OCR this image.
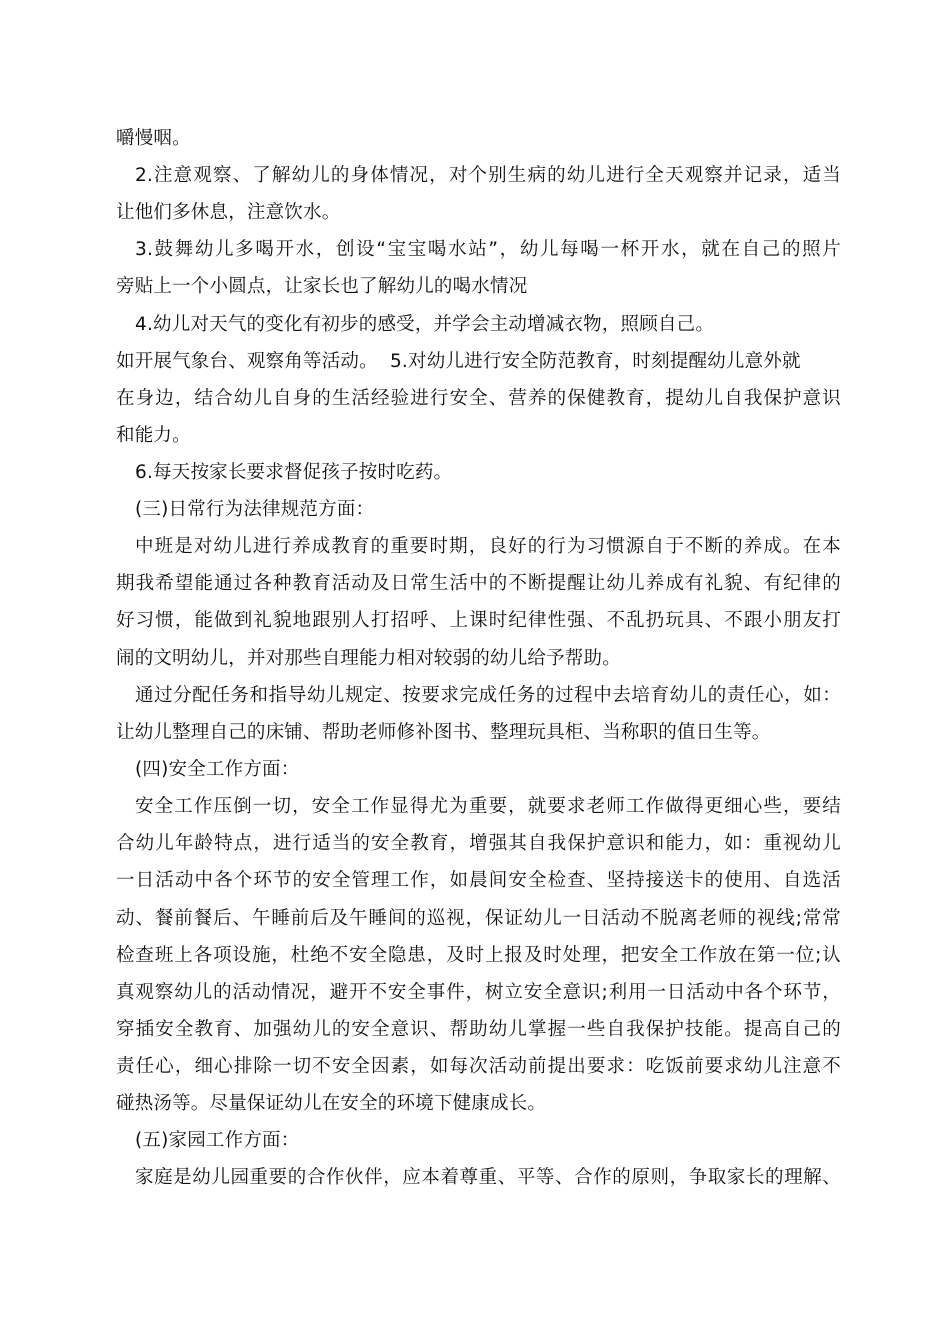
嚼慢咽。
2.注意观察、了解幼儿的身体情况，对个别生病的幼儿进行全天观察并记录，适当
让他们多休息，注意饮水。
3.鼓舞幼儿多喝开水，创设“宝宝喝水站”，幼儿每喝一杯开水，就在自己的照片
旁贴上一个小圆点，让家长也了解幼儿的喝水情况
4.幼儿对天气的变化有初步的感受，并学会主动增减衣物，照顾自己。
如开展气象台、观察角等活动。  5.对幼儿进行安全防范教育，时刻提醒幼儿意外就
在身边，结合幼儿自身的生活经验进行安全、营养的保健教育，提幼儿自我保护意识
和能力。
6.每天按家长要求督促孩子按时吃药。
(三)日常行为法律规范方面：
中班是对幼儿进行养成教育的重要时期，良好的行为习惯源自于不断的养成。在本
期我希望能通过各种教育活动及日常生活中的不断提醒让幼儿养成有礼貌、有纪律的
好习惯，能做到礼貌地跟别人打招呼、上课时纪律性强、不乱扔玩具、不跟小朋友打
闹的文明幼儿，并对那些自理能力相对较弱的幼儿给予帮助。
通过分配任务和指导幼儿规定、按要求完成任务的过程中去培育幼儿的责任心，如：
让幼儿整理自己的床铺、帮助老师修补图书、整理玩具柜、当称职的值日生等。
(四)安全工作方面：
安全工作压倒一切，安全工作显得尤为重要，就要求老师工作做得更细心些，要结
合幼儿年龄特点，进行适当的安全教育，增强其自我保护意识和能力，如：重视幼儿
一日活动中各个环节的安全管理工作，如晨间安全检查、坚持接送卡的使用、自选活
动、餐前餐后、午睡前后及午睡间的巡视，保证幼儿一日活动不脱离老师的视线;常常
检查班上各项设施，杜绝不安全隐患，及时上报及时处理，把安全工作放在第一位;认
真观察幼儿的活动情况，避开不安全事件，树立安全意识;利用一日活动中各个环节，
穿插安全教育、加强幼儿的安全意识、帮助幼儿掌握一些自我保护技能。提高自己的
责任心，细心排除一切不安全因素，如每次活动前提出要求：吃饭前要求幼儿注意不
碰热汤等。尽量保证幼儿在安全的环境下健康成长。
(五)家园工作方面：
家庭是幼儿园重要的合作伙伴，应本着尊重、平等、合作的原则，争取家长的理解、
